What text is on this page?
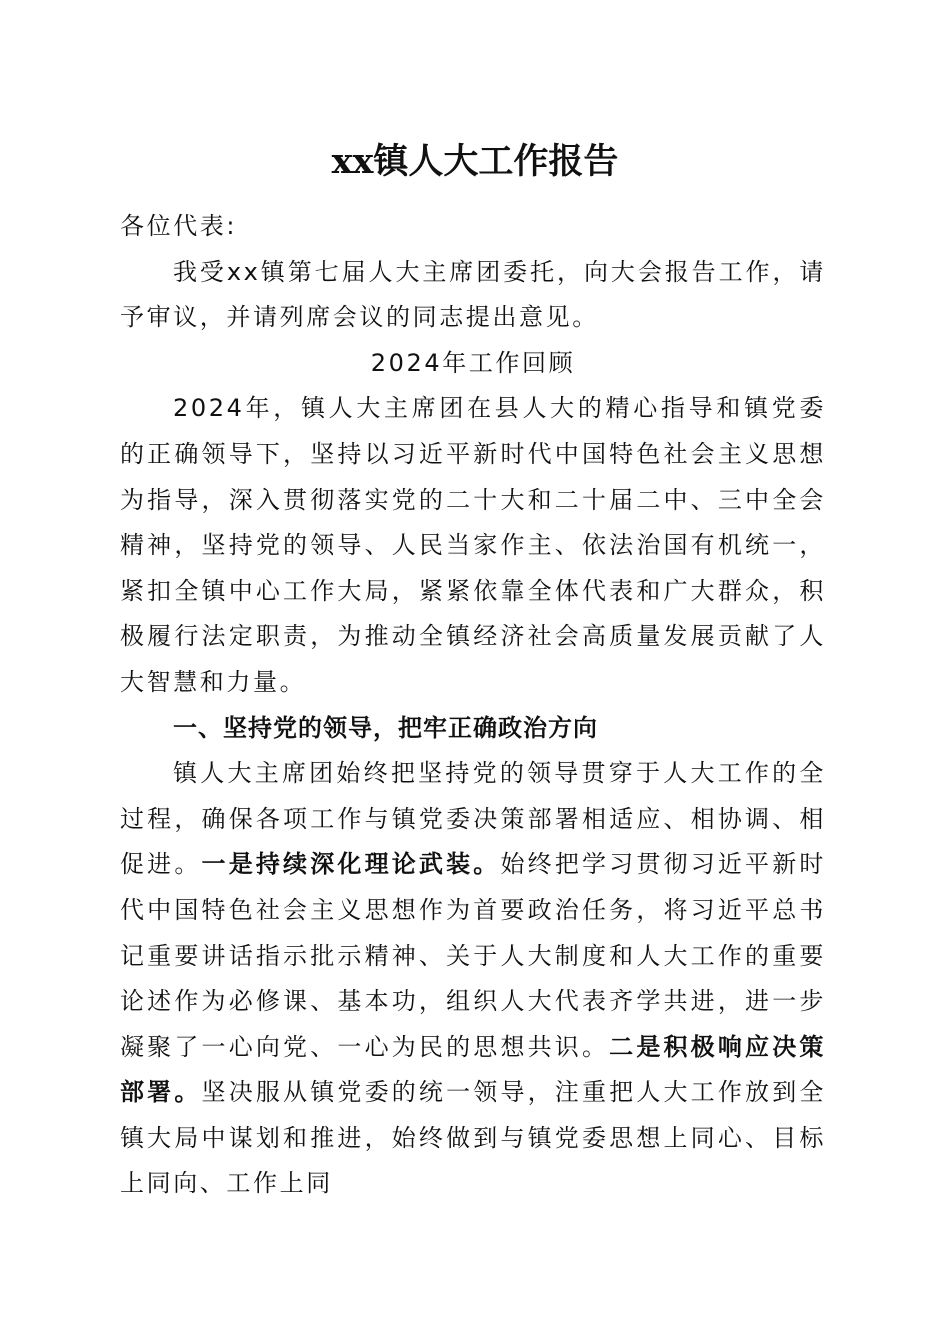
xx镇人大工作报告

各位代表:

我受xx镇第七届人大主席团委托，向大会报告工作，请予审议，并请列席会议的同志提出意见。

2024年工作回顾

2024年，镇人大主席团在县人大的精心指导和镇党委的正确领导下，坚持以习近平新时代中国特色社会主义思想为指导，深入贯彻落实党的二十大和二十届二中、三中全会精神，坚持党的领导、人民当家作主、依法治国有机统一，紧扣全镇中心工作大局，紧紧依靠全体代表和广大群众，积极履行法定职责，为推动全镇经济社会高质量发展贡献了人大智慧和力量。

一、坚持党的领导，把牢正确政治方向

镇人大主席团始终把坚持党的领导贯穿于人大工作的全过程，确保各项工作与镇党委决策部署相适应、相协调、相促进。一是持续深化理论武装。始终把学习贯彻习近平新时代中国特色社会主义思想作为首要政治任务，将习近平总书记重要讲话指示批示精神、关于人大制度和人大工作的重要论述作为必修课、基本功，组织人大代表齐学共进，进一步凝聚了一心向党、一心为民的思想共识。二是积极响应决策部署。坚决服从镇党委的统一领导，注重把人大工作放到全镇大局中谋划和推进，始终做到与镇党委思想上同心、目标上同向、工作上同
